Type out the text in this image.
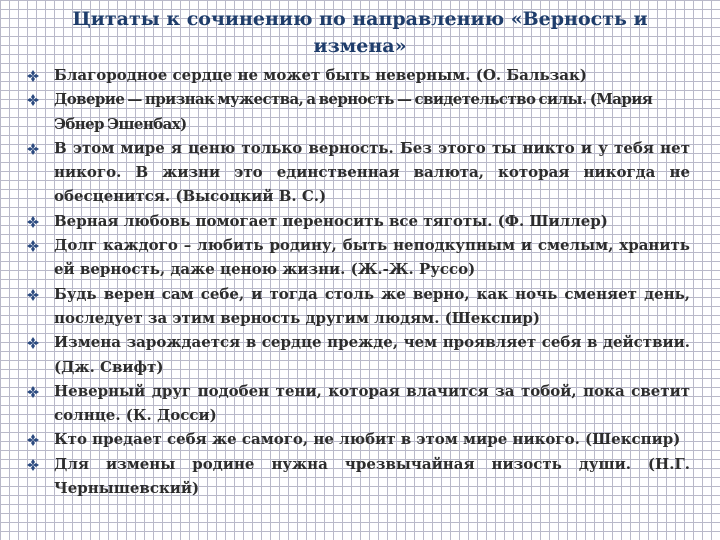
Цитаты к сочинению по направлению «Верность и измена»
Благородное сердце не может быть неверным. (О. Бальзак)
Доверие — признак мужества, а верность — свидетельство силы. (Мария Эбнер Эшенбах)
В этом мире я ценю только верность. Без этого ты никто и у тебя нет никого. В жизни это единственная валюта, которая никогда не обесценится. (Высоцкий В. С.)
Верная любовь помогает переносить все тяготы. (Ф. Шиллер)
Долг каждого – любить родину, быть неподкупным и смелым, хранить ей верность, даже ценою жизни. (Ж.-Ж. Руссо)
Будь верен сам себе, и тогда столь же верно, как ночь сменяет день, последует за этим верность другим людям. (Шекспир)
Измена зарождается в сердце прежде, чем проявляет себя в действии. (Дж. Свифт)
Неверный друг подобен тени, которая влачится за тобой, пока светит солнце. (К. Досси)
Кто предает себя же самого, не любит в этом мире никого. (Шекспир)
Для измены родине нужна чрезвычайная низость души. (Н.Г. Чернышевский)
